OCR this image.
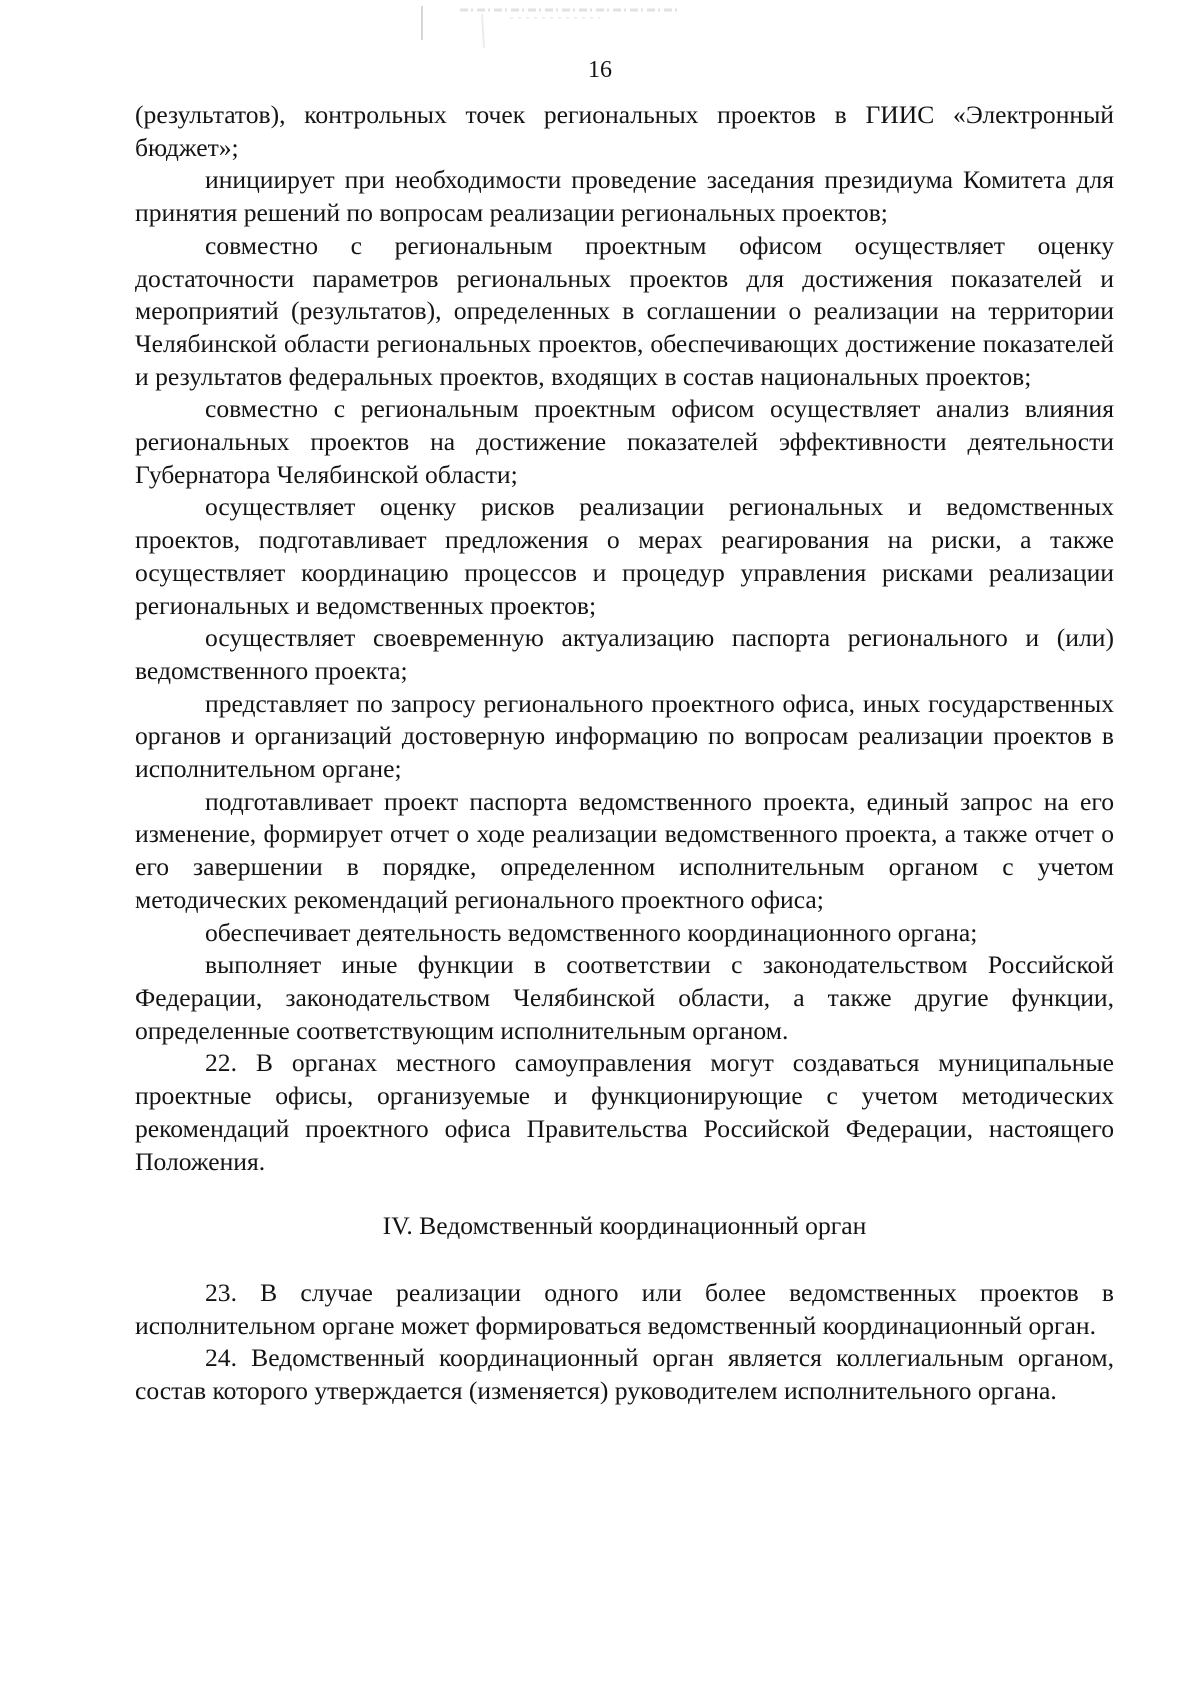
16

(результатов), контрольных точек региональных проектов в ГИИС «Электронный бюджет»;

инициирует при необходимости проведение заседания президиума Комитета для принятия решений по вопросам реализации региональных проектов;

совместно с региональным проектным офисом осуществляет оценку достаточности параметров региональных проектов для достижения показателей и мероприятий (результатов), определенных в соглашении о реализации на территории Челябинской области региональных проектов, обеспечивающих достижение показателей и результатов федеральных проектов, входящих в состав национальных проектов;

совместно с региональным проектным офисом осуществляет анализ влияния региональных проектов на достижение показателей эффективности деятельности Губернатора Челябинской области;

осуществляет оценку рисков реализации региональных и ведомственных проектов, подготавливает предложения о мерах реагирования на риски, а также осуществляет координацию процессов и процедур управления рисками реализации региональных и ведомственных проектов;

осуществляет своевременную актуализацию паспорта регионального и (или) ведомственного проекта;

представляет по запросу регионального проектного офиса, иных государственных органов и организаций достоверную информацию по вопросам реализации проектов в исполнительном органе;

подготавливает проект паспорта ведомственного проекта, единый запрос на его изменение, формирует отчет о ходе реализации ведомственного проекта, а также отчет о его завершении в порядке, определенном исполнительным органом с учетом методических рекомендаций регионального проектного офиса;

обеспечивает деятельность ведомственного координационного органа;

выполняет иные функции в соответствии с законодательством Российской Федерации, законодательством Челябинской области, а также другие функции, определенные соответствующим исполнительным органом.

22. В органах местного самоуправления могут создаваться муниципальные проектные офисы, организуемые и функционирующие с учетом методических рекомендаций проектного офиса Правительства Российской Федерации, настоящего Положения.

IV. Ведомственный координационный орган

23. В случае реализации одного или более ведомственных проектов в исполнительном органе может формироваться ведомственный координационный орган.

24. Ведомственный координационный орган является коллегиальным органом, состав которого утверждается (изменяется) руководителем исполнительного органа.
